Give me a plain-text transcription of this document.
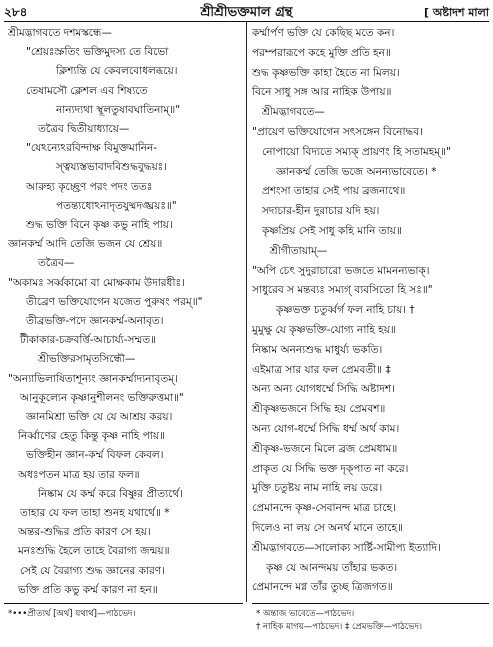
২৮৪	শ্রীশ্রীভক্তমাল গ্রন্থ	[ অষ্টাদশ মালা
শ্রীমদ্ভাগবতে দশমস্কন্ধে—
"শ্রেয়ঃস্রুতিং ভক্তিমুদস্য তে বিভো
ক্লিশ্যন্তি যে কেবলবোধলব্ধয়ে।
তেষামসৌ ক্লেশল এব শিষ্যতে
নান্যদ্যথা স্থূলতুষাবঘাতিনাম্॥"
তত্রৈব দ্বিতীয়াধ্যায়ে—
"যেঽন্যেঽরবিন্দাক্ষ বিমুক্তমানিন-
স্ত্বয্যস্তভাবাদবিশুদ্ধবুদ্ধয়ঃ।
আরুহ্য কৃচ্ছ্রেণ পরং পদং ততঃ
পতন্ত্যধোঽনাদৃতযুষ্মদঙ্ঘ্রয়ঃ॥"
শুদ্ধ ভক্তি বিনে কৃষ্ণ কভু নাহি পায়।
জ্ঞানকর্ম্ম আদি তেজি ভজন যে শ্রেয়॥
তত্রৈব—
"অকামঃ সর্ব্বকামো বা মোক্ষকাম উদারধীঃ।
তীব্রেণ ভক্তিযোগেন যজেত পুরুষং পরম্॥"
তীব্রভক্তি-পদে জ্ঞানকর্ম্ম-অনাবৃত।
টীকাকার-চক্রবর্ত্তি-আচার্য্য-সম্মত॥
শ্রীভক্তিরসামৃতসিন্ধৌ—
"অন্যাভিলাষিতাশূন্যং জ্ঞানকর্ম্মাদ্যনাবৃতম্।
আনুকূল্যেন কৃষ্ণানুশীলনং ভক্তিরুত্তমা॥"
জ্ঞানমিশ্রা ভক্তি যে যে আশ্রয় করয়।
নির্ব্বাণের হেতু কিন্তু কৃষ্ণ নাহি পায়॥
ভক্তিহীন জ্ঞান-কর্ম্ম বিফল কেবল।
অধঃপতন মাত্র হয় তার ফল॥
নিষ্কাম যে কর্ম্ম করে বিষ্ণুর প্রীত্যর্থে।
তাহার যে ফল তাহা শুনহ যথার্থে॥ *
অন্তর-শুদ্ধির প্রতি কারণ সে হয়।
মনঃশুদ্ধি হৈলে তাহে বৈরাগ্য জন্ময়॥
সেই যে বৈরাগ্য শুদ্ধ জ্ঞানের কারণ।
ভক্তি প্রতি কভু কর্ম্ম কারণ না হন॥
কর্ম্মার্পণ ভক্তি যে কেছিছ মতে কন।
পরম্পরারূপে কহে মুক্তি প্রতি হন॥
শুদ্ধ কৃষ্ণভক্তি কাহা হৈতে না মিলয়।
বিনে সাধু সঙ্গ আর নাহিক উপায়॥
শ্রীমদ্ভাগবতে—
"প্রায়েণ ভক্তিযোগেন সৎসঙ্গেন বিনোদ্ধব।
নোপায়ো বিদ্যতে সম্যক্ প্রায়ণং হি সতামহম্॥"
জ্ঞানকর্ম্ম তেজি ভজে অনন্যভাবেতে। *
প্রশংসা তাহার সেই পায় ব্রজনাথে॥
সদাচার-হীন দুরাচার যদি হয়।
কৃষ্ণপ্রিয় সেই সাধু কহি মানি তায়॥
শ্রীগীতায়াম্—
"অপি চেৎ সুদুরাচারো ভজতে মামনন্যভাক্।
সাধুরেব স মন্তব্যঃ সম্যগ্ ব্যবসিতো হি সঃ॥"
কৃষ্ণভক্ত চতুর্ব্বর্গ ফল নাহি চায়। †
মুমুক্ষু যে কৃষ্ণভক্তি-যোগ্য নাহি হয়॥
নিষ্কাম অনন্যশুদ্ধ মাধুর্য্য ভকতি।
এইমাত্র সার যার ফল প্রেমবতী॥ ‡
অন্য অন্য যোগধর্ম্মে সিদ্ধি অষ্টাদশ।
শ্রীকৃষ্ণভজনে সিদ্ধি হয় প্রেমবশ॥
অন্য যোগ-ধর্ম্মে সিদ্ধি ধর্ম্ম অর্থ কাম।
শ্রীকৃষ্ণ-ভজনে মিলে ব্রজ প্রেমধাম॥
প্রাকৃত যে সিদ্ধি ভক্ত দৃক্‌পাত না করে।
মুক্তি চতুষ্টয় নাম নাহি লয় ডরে।
প্রেমানন্দে কৃষ্ণ-সেবানন্দ মাত্র চাহে।
দিলেও না লয় সে অনর্থ মানে তাহে॥
শ্রীমদ্ভাগবতে—সালোক্য সার্ষ্টি-সামীপ্য ইত্যাদি।
কৃষ্ণ যে আনন্দময় তাঁহার ভকত।
প্রেমানন্দে মগ্ন তাঁর তুচ্ছ ত্রিজগত॥
*•••প্রীত্যর্থ [অর্থ] যথার্থ]—পাঠভেদ।	* অন্তাজ ভাবেতে—পাঠভেদ।
† নাহিক মাগয়—পাঠভেদ। ‡ প্রেমভক্তি—পাঠভেদ।
